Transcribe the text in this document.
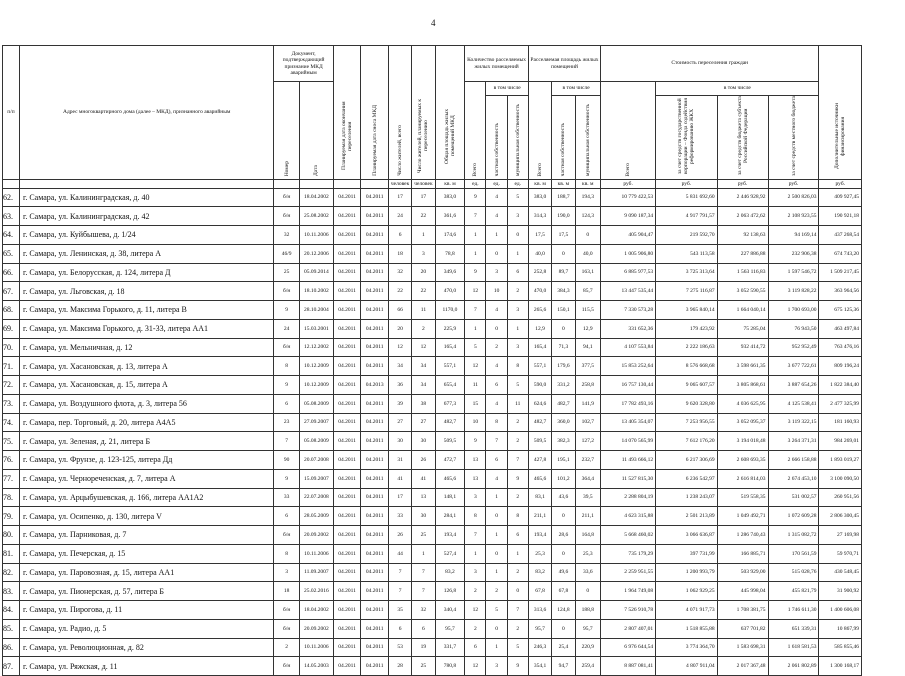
4
п/п	Адрес многоквартирного дома (далее – МКД), признанного аварийным	Документ, подтверждающий признание МКД аварийным		Планируемая дата окончания переселения	Планируемая дата сноса МКД	Число жителей, всего	Число жителей, планируемых к переселению	Общая площадь жилых помещений МКД	Количество расселяемых жилых помещений			Расселяемая площадь жилых помещений			Стоимость переселения граждан				Дополнительные источники финансирования
		Номер	Дата						Всего	в том числе		Всего	в том числе		Всего	в том числе			
										частная собственность	муниципальная собственность		частная собственность	муниципальная собственность		за счет средств государственной корпорации – Фонда содействия реформированию ЖКХ	за счет средств бюджета субъекта Российской Федерации	за счет средств местного бюджета	
						человек	человек	кв. м	ед.	ед.	ед.	кв. м	кв. м	кв. м	руб.	руб.	руб.	руб.	руб.
62.	г. Самара, ул. Калининградская, д. 40	б/н	18.04.2002	04.2011	04.2011	17	17	383,0	9	4	5	383,0	188,7	194,3	10 779 422,53	5 831 692,60	2 446 928,92	2 500 826,03	409 927,45
63.	г. Самара, ул. Калининградская, д. 42	б/н	25.08.2002	04.2011	04.2011	24	22	361,6	7	4	3	314,3	190,0	124,3	9 090 187,34	4 917 791,57	2 063 472,62	2 108 923,55	190 921,18
64.	г. Самара, ул. Куйбышева, д. 1/24	32	10.11.2006	04.2011	04.2011	6	1	174,6	1	1	0	17,5	17,5	0	405 904,47	219 592,70	92 138,63	94 169,14	437 268,54
65.	г. Самара, ул. Ленинская, д. 38, литера А	46/9	20.12.2006	04.2011	04.2011	18	3	78,8	1	0	1	40,0	0	40,0	1 005 906,80	543 113,58	227 886,88	232 906,38	674 743,20
66.	г. Самара, ул. Белорусская, д. 124, литера Д	25	05.09.2014	04.2011	04.2011	32	20	349,6	9	3	6	252,8	89,7	163,1	6 885 977,53	3 725 313,64	1 563 116,83	1 597 546,72	1 509 217,45
67.	г. Самара, ул. Льговская, д. 18	б/н	18.10.2002	04.2011	04.2011	22	22	470,0	12	10	2	470,0	384,3	85,7	13 447 535,44	7 275 116,87	3 052 590,55	3 119 828,22	363 964,56
68.	г. Самара, ул. Максима Горького, д. 11, литера В	9	28.10.2004	04.2011	04.2011	66	11	1170,0	7	4	3	265,6	150,1	115,5	7 330 573,28	3 965 840,14	1 664 040,14	1 700 693,00	675 125,36
69.	г. Самара, ул. Максима Горького, д. 31-33, литера АА1	24	15.03.2001	04.2011	04.2011	20	2	225,9	1	0	1	12,9	0	12,9	331 652,36	179 423,92	75 285,04	76 943,50	463 497,84
70.	г. Самара, ул. Мельничная, д. 12	б/н	12.12.2002	04.2011	04.2011	12	12	165,4	5	2	3	165,4	71,3	94,1	4 107 553,84	2 222 186,63	932 414,72	952 952,49	763 476,16
71.	г. Самара, ул. Хасановская, д. 13, литера А	8	10.12.2009	04.2011	04.2011	34	34	557,1	12	4	8	557,1	179,6	377,5	15 853 252,64	8 576 668,68	3 598 661,35	3 677 722,61	809 196,24
72.	г. Самара, ул. Хасановская, д. 15, литера А	9	10.12.2009	04.2011	04.2013	36	34	655,4	11	6	5	590,0	331,2	258,8	16 757 130,44	9 065 607,57	3 805 868,61	3 887 654,26	1 822 384,40
73.	г. Самара, ул. Воздушного флота, д. 3, литера 56	6	05.08.2009	04.2011	04.2011	39	38	677,3	15	4	11	624,6	482,7	141,9	17 782 493,16	9 620 328,80	4 036 625,95	4 125 538,41	2 477 325,99
74.	г. Самара, пер. Торговый, д. 20, литера А4А5	23	27.09.2007	04.2011	04.2011	27	27	482,7	10	8	2	482,7	360,0	102,7	13 405 354,07	7 253 956,55	3 052 095,37	3 119 322,15	181 160,93
75.	г. Самара, ул. Зеленая, д. 21, литера Б	7	05.08.2009	04.2011	04.2011	30	30	509,5	9	7	2	509,5	382,3	127,2	14 070 565,99	7 612 176,20	3 194 018,48	3 264 371,31	984 269,01
76.	г. Самара, ул. Фрунзе, д. 123-125, литера Дд	90	20.07.2008	04.2011	04.2011	31	26	472,7	13	6	7	427,8	195,1	232,7	11 493 666,12	6 217 306,69	2 608 693,35	2 666 158,88	1 893 019,27
77.	г. Самара, ул. Чернореченская, д. 7, литера А	9	15.09.2007	04.2011	04.2011	41	41	465,6	13	4	9	465,6	101,2	364,4	11 527 815,30	6 236 542,97	2 616 814,03	2 674 453,10	3 100 090,50
78.	г. Самара, ул. Арцыбушевская, д. 166, литера АА1А2	33	22.07.2008	04.2011	04.2011	17	13	148,1	3	1	2	83,1	43,6	39,5	2 288 804,19	1 238 243,07	519 558,35	531 002,57	260 951,56
79.	г. Самара, ул. Осипенко, д. 130, литера V	6	28.05.2009	04.2011	04.2011	33	30	284,1	8	0	8	211,1	0	211,1	4 623 315,88	2 501 213,89	1 049 492,71	1 072 609,28	2 806 300,45
80.	г. Самара, ул. Парниковая, д. 7	б/н	20.09.2002	04.2011	04.2011	26	25	193,4	7	1	6	193,4	28,6	164,8	5 668 460,02	3 066 636,87	1 286 740,43	1 315 082,72	27 169,98
81.	г. Самара, ул. Печерская, д. 15	8	10.11.2006	04.2011	04.2011	44	1	527,4	1	0	1	25,3	0	25,3	735 179,29	397 731,99	166 885,71	170 561,59	59 970,71
82.	г. Самара, ул. Паровозная, д. 15, литера АА1	3	11.09.2007	04.2011	04.2011	7	7	83,2	3	1	2	83,2	49,6	33,6	2 259 951,55	1 200 993,79	503 929,00	515 028,76	430 548,45
83.	г. Самара, ул. Пионерская, д. 57, литера Б	18	25.02.2016	04.2011	04.2011	7	7	126,8	2	2	0	67,8	67,8	0	1 964 749,08	1 062 929,25	445 998,04	455 821,79	31 900,92
84.	г. Самара, ул. Пирогова, д. 11	б/н	18.04.2002	04.2011	04.2011	35	32	340,4	12	5	7	313,6	124,8	188,8	7 526 910,78	4 071 917,73	1 708 381,75	1 746 611,30	1 400 606,08
85.	г. Самара, ул. Радио, д. 5	б/н	20.09.2002	04.2011	04.2011	6	6	95,7	2	0	2	95,7	0	95,7	2 807 407,01	1 518 855,88	637 701,82	651 339,31	10 867,99
86.	г. Самара, ул. Революционная, д. 82	2	10.11.2006	04.2011	04.2011	53	19	331,7	6	1	5	246,3	25,4	220,9	6 976 644,54	3 774 364,70	1 583 698,31	1 618 581,53	585 855,46
87.	г. Самара, ул. Ряжская, д. 11	б/н	14.05.2003	04.2011	04.2011	28	25	780,8	12	3	9	354,1	94,7	259,4	8 887 081,41	4 807 911,04	2 017 367,48	2 061 802,89	1 300 168,17
